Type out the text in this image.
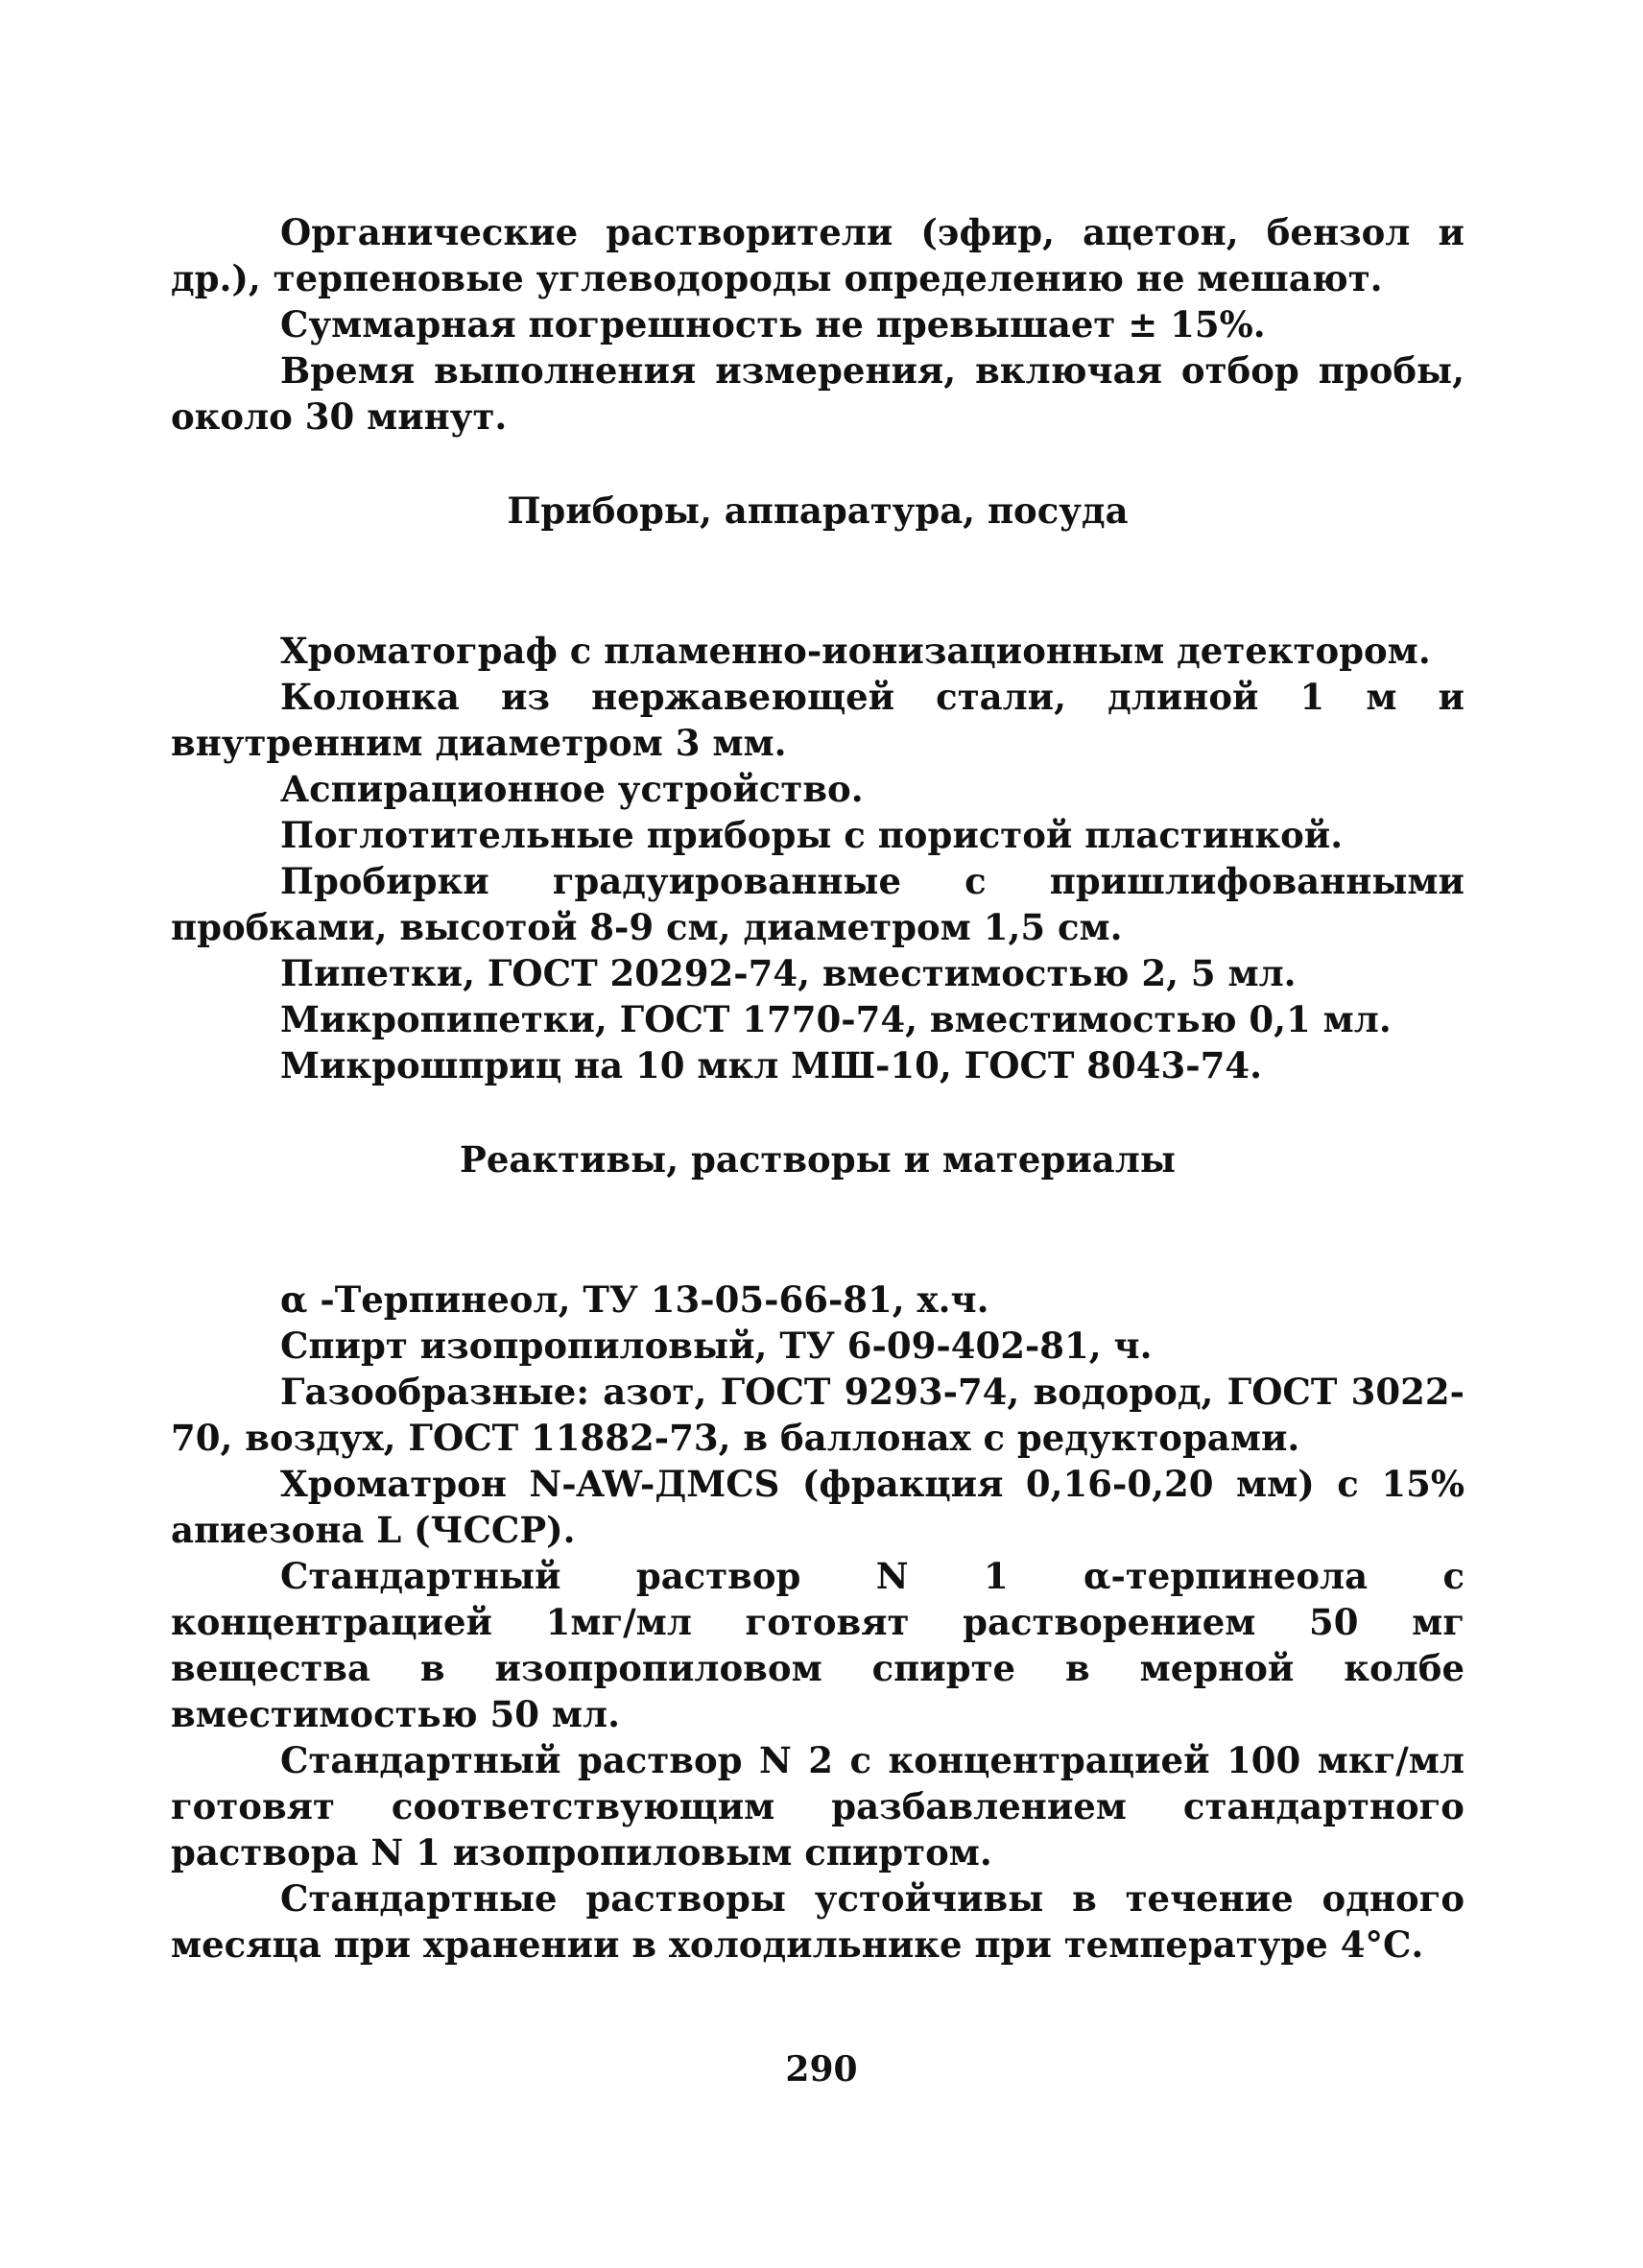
Органические растворители (эфир, ацетон, бензол и др.), терпеновые углеводороды определению не мешают.

Суммарная погрешность не превышает ± 15%.

Время выполнения измерения, включая отбор пробы, около 30 минут.

Приборы, аппаратура, посуда

Хроматограф с пламенно-ионизационным детектором.

Колонка из нержавеющей стали, длиной 1 м и внутренним диаметром 3 мм.

Аспирационное устройство.

Поглотительные приборы с пористой пластинкой.

Пробирки градуированные с пришлифованными пробками, высотой 8-9 см, диаметром 1,5 см.

Пипетки, ГОСТ 20292-74, вместимостью 2, 5 мл.

Микропипетки, ГОСТ 1770-74, вместимостью 0,1 мл.

Микрошприц на 10 мкл МШ-10, ГОСТ 8043-74.

Реактивы, растворы и материалы

α -Терпинеол, ТУ 13-05-66-81, х.ч.

Спирт изопропиловый, ТУ 6-09-402-81, ч.

Газообразные: азот, ГОСТ 9293-74, водород, ГОСТ 3022-70, воздух, ГОСТ 11882-73, в баллонах с редукторами.

Хроматрон N-AW-ДМCS (фракция 0,16-0,20 мм) с 15% апиезона L (ЧССР).

Стандартный раствор N 1 α-терпинеола с концентрацией 1мг/мл готовят растворением 50 мг вещества в изопропиловом спирте в мерной колбе вместимостью 50 мл.

Стандартный раствор N 2 с концентрацией 100 мкг/мл готовят соответствующим разбавлением стандартного раствора N 1 изопропиловым спиртом.

Стандартные растворы устойчивы в течение одного месяца при хранении в холодильнике при температуре 4°С.

290
